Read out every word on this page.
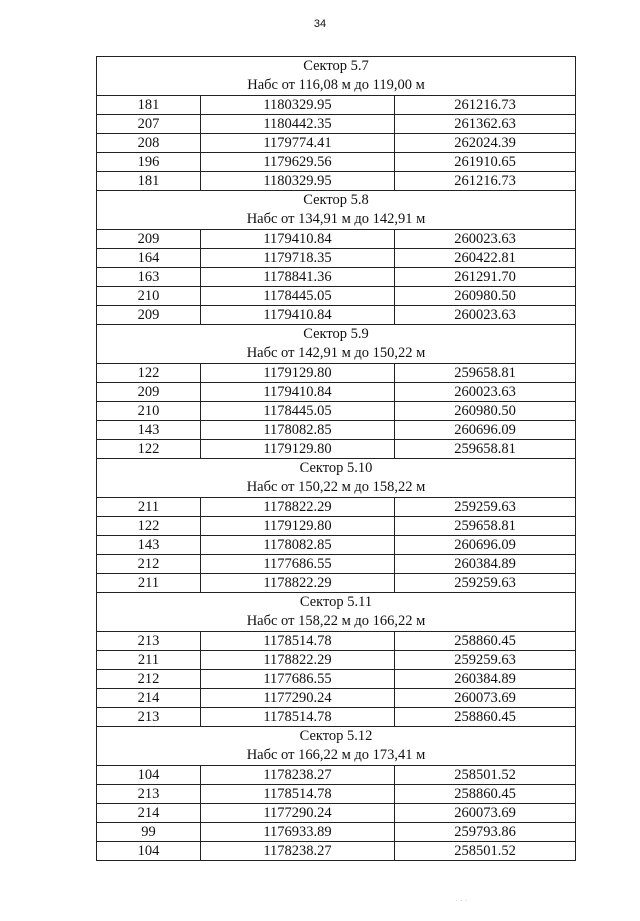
34
Сектор 5.7		
Набс от 116,08 м до 119,00 м		
181	1180329.95	261216.73
207	1180442.35	261362.63
208	1179774.41	262024.39
196	1179629.56	261910.65
181	1180329.95	261216.73
Сектор 5.8		
Набс от 134,91 м до 142,91 м		
209	1179410.84	260023.63
164	1179718.35	260422.81
163	1178841.36	261291.70
210	1178445.05	260980.50
209	1179410.84	260023.63
Сектор 5.9		
Набс от 142,91 м до 150,22 м		
122	1179129.80	259658.81
209	1179410.84	260023.63
210	1178445.05	260980.50
143	1178082.85	260696.09
122	1179129.80	259658.81
Сектор 5.10		
Набс от 150,22 м до 158,22 м		
211	1178822.29	259259.63
122	1179129.80	259658.81
143	1178082.85	260696.09
212	1177686.55	260384.89
211	1178822.29	259259.63
Сектор 5.11		
Набс от 158,22 м до 166,22 м		
213	1178514.78	258860.45
211	1178822.29	259259.63
212	1177686.55	260384.89
214	1177290.24	260073.69
213	1178514.78	258860.45
Сектор 5.12		
Набс от 166,22 м до 173,41 м		
104	1178238.27	258501.52
213	1178514.78	258860.45
214	1177290.24	260073.69
99	1176933.89	259793.86
104	1178238.27	258501.52
· · ·
